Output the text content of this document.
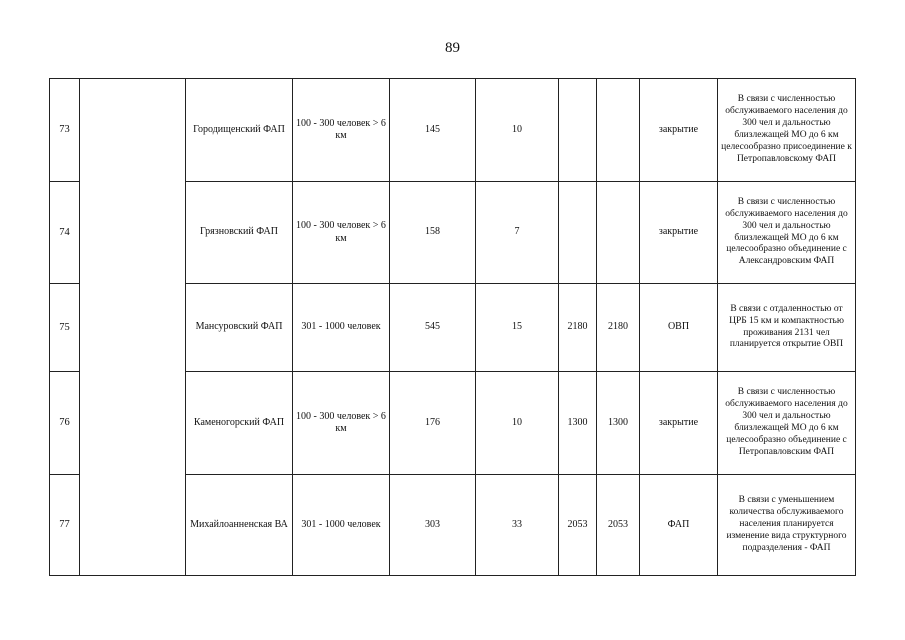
89
73		Городищенский ФАП	100 - 300 человек > 6 км	145	10			закрытие	В связи с численностью обслуживаемого населения до 300 чел и дальностью близлежащей МО до 6 км целесообразно присоединение к Петропавловскому ФАП
74		Грязновский ФАП	100 - 300 человек > 6 км	158	7			закрытие	В связи с численностью обслуживаемого населения до 300 чел и дальностью близлежащей МО до 6 км целесообразно объединение с Александровским ФАП
75		Мансуровский ФАП	301 - 1000 человек	545	15	2180	2180	ОВП	В связи с отдаленностью от ЦРБ 15 км и компактностью проживания 2131 чел планируется открытие ОВП
76		Каменогорский ФАП	100 - 300 человек > 6 км	176	10	1300	1300	закрытие	В связи с численностью обслуживаемого населения до 300 чел и дальностью близлежащей МО до 6 км целесообразно объединение с Петропавловским ФАП
77		Михайлоанненская ВА	301 - 1000 человек	303	33	2053	2053	ФАП	В связи с уменьшением количества обслуживаемого населения планируется изменение вида структурного подразделения - ФАП
